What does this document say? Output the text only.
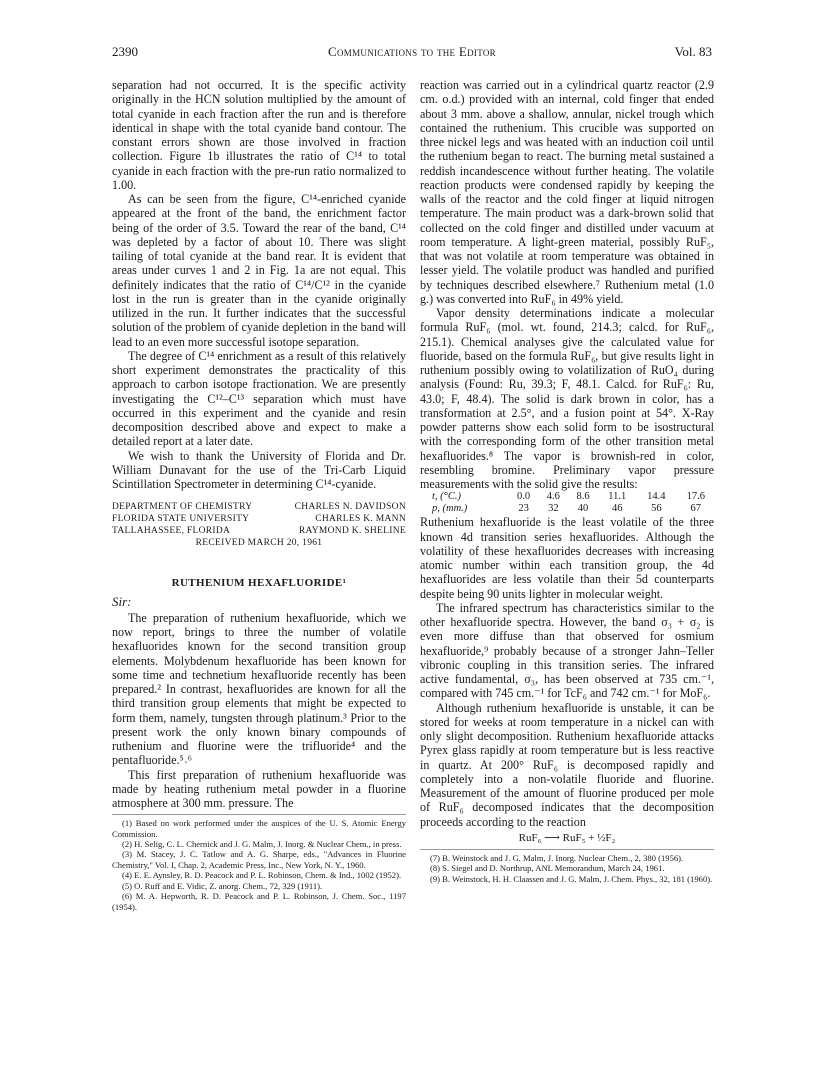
2390	Communications to the Editor	Vol. 83

separation had not occurred. It is the specific activity originally in the HCN solution multiplied by the amount of total cyanide in each fraction after the run and is therefore identical in shape with the total cyanide band contour. The constant errors shown are those involved in fraction collection. Figure 1b illustrates the ratio of C¹⁴ to total cyanide in each fraction with the pre-run ratio normalized to 1.00.

As can be seen from the figure, C¹⁴-enriched cyanide appeared at the front of the band, the enrichment factor being of the order of 3.5. Toward the rear of the band, C¹⁴ was depleted by a factor of about 10. There was slight tailing of total cyanide at the band rear. It is evident that areas under curves 1 and 2 in Fig. 1a are not equal. This definitely indicates that the ratio of C¹⁴/C¹² in the cyanide lost in the run is greater than in the cyanide originally utilized in the run. It further indicates that the successful solution of the problem of cyanide depletion in the band will lead to an even more successful isotope separation.

The degree of C¹⁴ enrichment as a result of this relatively short experiment demonstrates the practicality of this approach to carbon isotope fractionation. We are presently investigating the C¹²–C¹³ separation which must have occurred in this experiment and the cyanide and resin decomposition described above and expect to make a detailed report at a later date.

We wish to thank the University of Florida and Dr. William Dunavant for the use of the Tri-Carb Liquid Scintillation Spectrometer in determining C¹⁴-cyanide.

DEPARTMENT OF CHEMISTRY	CHARLES N. DAVIDSON
FLORIDA STATE UNIVERSITY	CHARLES K. MANN
TALLAHASSEE, FLORIDA	RAYMOND K. SHELINE
RECEIVED MARCH 20, 1961
RUTHENIUM HEXAFLUORIDE¹
Sir:

The preparation of ruthenium hexafluoride, which we now report, brings to three the number of volatile hexafluorides known for the second transition group elements. Molybdenum hexafluoride has been known for some time and technetium hexafluoride recently has been prepared.² In contrast, hexafluorides are known for all the third transition group elements that might be expected to form them, namely, tungsten through platinum.³ Prior to the present work the only known binary compounds of ruthenium and fluorine were the trifluoride⁴ and the pentafluoride.⁵˒⁶

This first preparation of ruthenium hexafluoride was made by heating ruthenium metal powder in a fluorine atmosphere at 300 mm. pressure. The

(1) Based on work performed under the auspices of the U. S. Atomic Energy Commission.
(2) H. Selig, C. L. Chernick and J. G. Malm, J. Inorg. & Nuclear Chem., in press.
(3) M. Stacey, J. C. Tatlow and A. G. Sharpe, eds., "Advances in Fluorine Chemistry," Vol. I, Chap. 2, Academic Press, Inc., New York, N. Y., 1960.
(4) E. E. Aynsley, R. D. Peacock and P. L. Robinson, Chem. & Ind., 1002 (1952).
(5) O. Ruff and E. Vidic, Z. anorg. Chem., 72, 329 (1911).
(6) M. A. Hepworth, R. D. Peacock and P. L. Robinson, J. Chem. Soc., 1197 (1954).

reaction was carried out in a cylindrical quartz reactor (2.9 cm. o.d.) provided with an internal, cold finger that ended about 3 mm. above a shallow, annular, nickel trough which contained the ruthenium. This crucible was supported on three nickel legs and was heated with an induction coil until the ruthenium began to react. The burning metal sustained a reddish incandescence without further heating. The volatile reaction products were condensed rapidly by keeping the walls of the reactor and the cold finger at liquid nitrogen temperature. The main product was a dark-brown solid that collected on the cold finger and distilled under vacuum at room temperature. A light-green material, possibly RuF₅, that was not volatile at room temperature was obtained in lesser yield. The volatile product was handled and purified by techniques described elsewhere.⁷ Ruthenium metal (1.0 g.) was converted into RuF₆ in 49% yield.

Vapor density determinations indicate a molecular formula RuF₆ (mol. wt. found, 214.3; calcd. for RuF₆, 215.1). Chemical analyses give the calculated value for fluoride, based on the formula RuF₆, but give results light in ruthenium possibly owing to volatilization of RuO₄ during analysis (Found: Ru, 39.3; F, 48.1. Calcd. for RuF₆: Ru, 43.0; F, 48.4). The solid is dark brown in color, has a transformation at 2.5°, and a fusion point at 54°. X-Ray powder patterns show each solid form to be isostructural with the corresponding form of the other transition metal hexafluorides.⁸ The vapor is brownish-red in color, resembling bromine. Preliminary vapor pressure measurements with the solid give the results:

t, (°C.)	0.0	4.6	8.6	11.1	14.4	17.6
p, (mm.)	23	32	40	46	56	67

Ruthenium hexafluoride is the least volatile of the three known 4d transition series hexafluorides. Although the volatility of these hexafluorides decreases with increasing atomic number within each transition group, the 4d hexafluorides are less volatile than their 5d counterparts despite being 90 units lighter in molecular weight.

The infrared spectrum has characteristics similar to the other hexafluoride spectra. However, the band σ₃ + σ₂ is even more diffuse than that observed for osmium hexafluoride,⁹ probably because of a stronger Jahn–Teller vibronic coupling in this transition series. The infrared active fundamental, σ₃, has been observed at 735 cm.⁻¹, compared with 745 cm.⁻¹ for TcF₆ and 742 cm.⁻¹ for MoF₆.

Although ruthenium hexafluoride is unstable, it can be stored for weeks at room temperature in a nickel can with only slight decomposition. Ruthenium hexafluoride attacks Pyrex glass rapidly at room temperature but is less reactive in quartz. At 200° RuF₆ is decomposed rapidly and completely into a non-volatile fluoride and fluorine. Measurement of the amount of fluorine produced per mole of RuF₆ decomposed indicates that the decomposition proceeds according to the reaction

RuF₆ ⟶ RuF₅ + ½F₂
(7) B. Weinstock and J. G. Malm, J. Inorg. Nuclear Chem., 2, 380 (1956).
(8) S. Siegel and D. Northrup, ANL Memorandum, March 24, 1961.
(9) B. Weinstock, H. H. Claassen and J. G. Malm, J. Chem. Phys., 32, 181 (1960).
